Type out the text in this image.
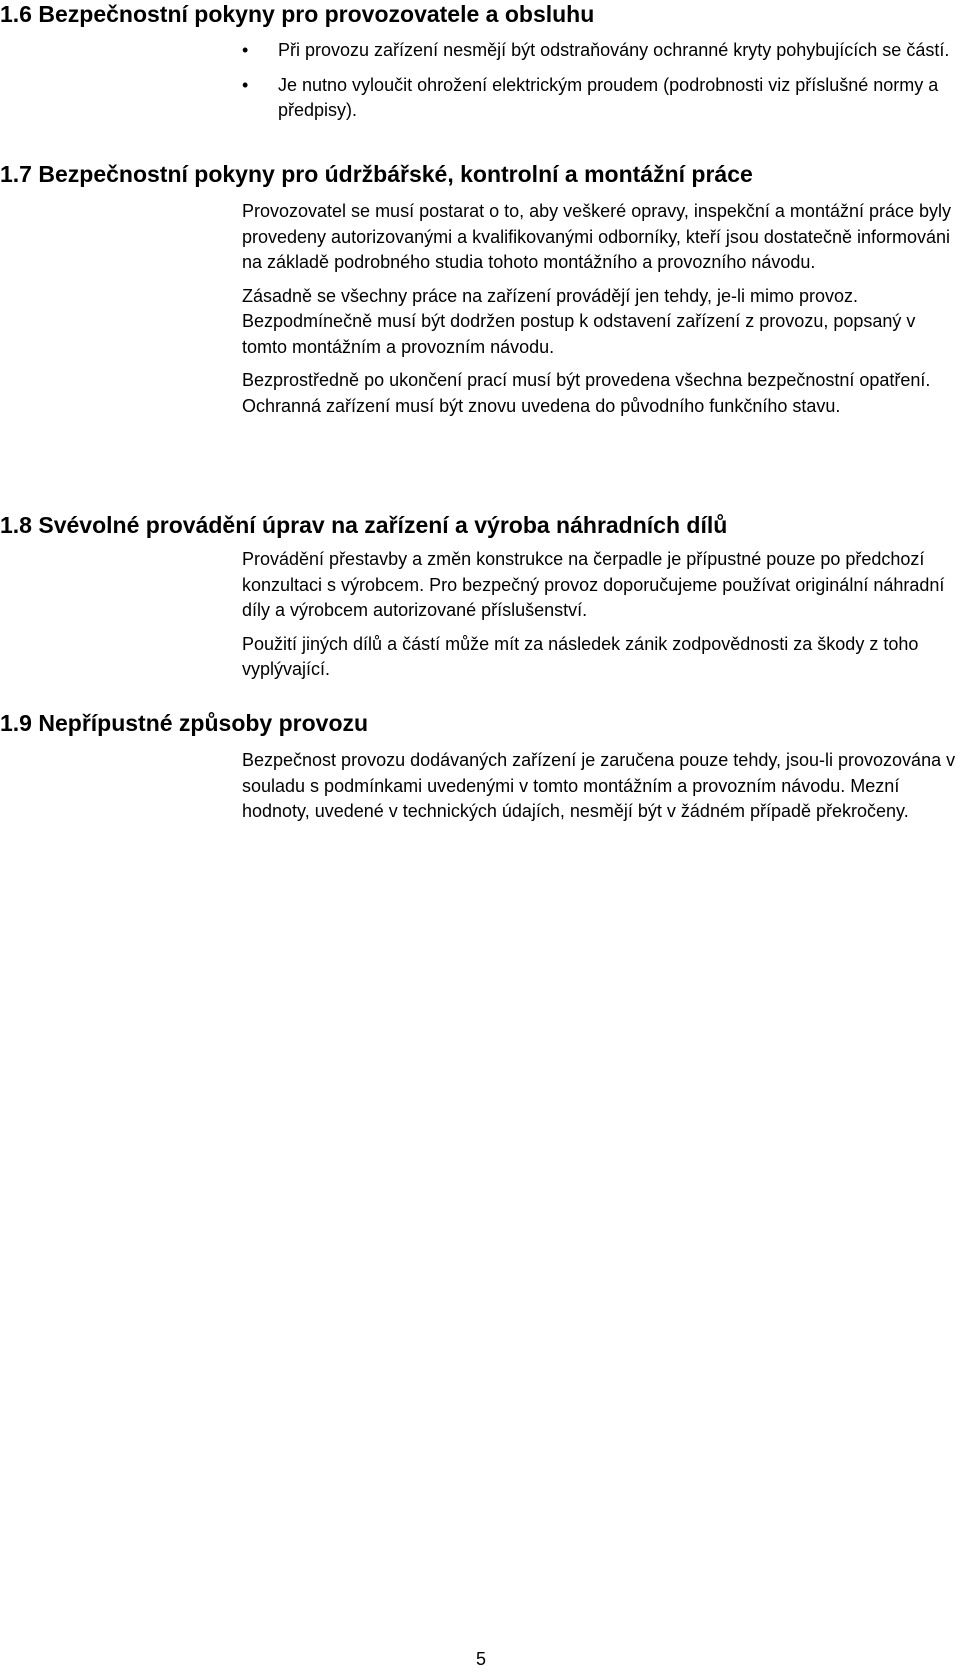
1.6 Bezpečnostní pokyny pro provozovatele a obsluhu
• Při provozu zařízení nesmějí být odstraňovány ochranné kryty pohybujících se částí.
• Je nutno vyloučit ohrožení elektrickým proudem (podrobnosti viz příslušné normy a předpisy).
1.7 Bezpečnostní pokyny pro údržbářské, kontrolní a montážní práce

Provozovatel se musí postarat o to, aby veškeré opravy, inspekční a montážní práce byly provedeny autorizovanými a kvalifikovanými odborníky, kteří jsou dostatečně informováni na základě podrobného studia tohoto montážního a provozního návodu.

Zásadně se všechny práce na zařízení provádějí jen tehdy, je-li mimo provoz. Bezpodmínečně musí být dodržen postup k odstavení zařízení z provozu, popsaný v tomto montážním a provozním návodu.

Bezprostředně po ukončení prací musí být provedena všechna bezpečnostní opatření. Ochranná zařízení musí být znovu uvedena do původního funkčního stavu.

1.8 Svévolné provádění úprav na zařízení a výroba náhradních dílů

Provádění přestavby a změn konstrukce na čerpadle je přípustné pouze po předchozí konzultaci s výrobcem. Pro bezpečný provoz doporučujeme používat originální náhradní díly a výrobcem autorizované příslušenství.

Použití jiných dílů a částí může mít za následek zánik zodpovědnosti za škody z toho vyplývající.

1.9 Nepřípustné způsoby provozu

Bezpečnost provozu dodávaných zařízení je zaručena pouze tehdy, jsou-li provozována v souladu s podmínkami uvedenými v tomto montážním a provozním návodu. Mezní hodnoty, uvedené v technických údajích, nesmějí být v žádném případě překročeny.

5
